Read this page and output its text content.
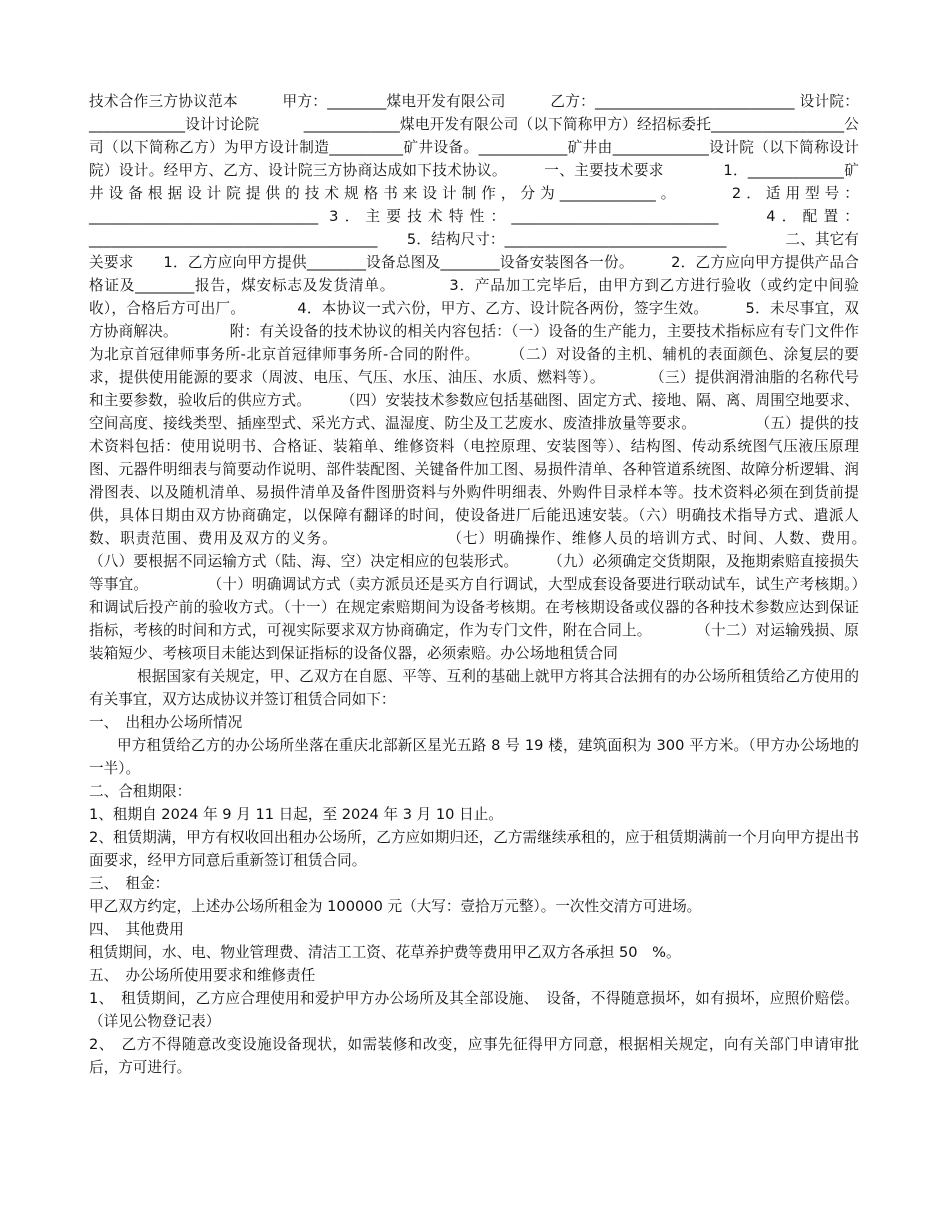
技术合作三方协议范本　　　甲方：________煤电开发有限公司　　　乙方：___________________________ 设计院：_____________设计讨论院　　　_____________煤电开发有限公司（以下简称甲方）经招标委托__________________公司（以下简称乙方）为甲方设计制造__________矿井设备。____________矿井由_____________设计院（以下简称设计院）设计。经甲方、乙方、设计院三方协商达成如下技术协议。　　　一、主要技术要求　　　　1．_____________矿井设备根据设计院提供的技术规格书来设计制作，分为_____________。　　　2．适用型号：_______________________________ 3．主要技术特性：____________________________　　4．配置：_______________________________________　　5．结构尺寸：______________________________　　　　二、其它有关要求　　1．乙方应向甲方提供________设备总图及________设备安装图各一份。　　　2．乙方应向甲方提供产品合格证及________报告，煤安标志及发货清单。　　　　3．产品加工完毕后，由甲方到乙方进行验收（或约定中间验收），合格后方可出厂。　　　　4．本协议一式六份，甲方、乙方、设计院各两份，签字生效。　　　5．未尽事宜，双方协商解决。　　　　附：有关设备的技术协议的相关内容包括：（一）设备的生产能力，主要技术指标应有专门文件作为北京首冠律师事务所-北京首冠律师事务所-合同的附件。　　　（二）对设备的主机、辅机的表面颜色、涂复层的要求，提供使用能源的要求（周波、电压、气压、水压、油压、水质、燃料等）。　　　　（三）提供润滑油脂的名称代号和主要参数，验收后的供应方式。　　　（四）安装技术参数应包括基础图、固定方式、接地、隔、离、周围空地要求、空间高度、接线类型、插座型式、采光方式、温湿度、防尘及工艺废水、废渣排放量等要求。　　　　　（五）提供的技术资料包括：使用说明书、合格证、装箱单、维修资料（电控原理、安装图等）、结构图、传动系统图气压液压原理图、元器件明细表与简要动作说明、部件装配图、关键备件加工图、易损件清单、各种管道系统图、故障分析逻辑、润滑图表、以及随机清单、易损件清单及备件图册资料与外购件明细表、外购件目录样本等。技术资料必须在到货前提供，具体日期由双方协商确定，以保障有翻译的时间，使设备进厂后能迅速安装。（六）明确技术指导方式、遣派人数、职责范围、费用及双方的义务。　　　　　　　　（七）明确操作、维修人员的培训方式、时间、人数、费用。　　　　　（八）要根据不同运输方式（陆、海、空）决定相应的包装形式。　　　（九）必须确定交货期限，及拖期索赔直接损失等事宜。　　　　　（十）明确调试方式（卖方派员还是买方自行调试，大型成套设备要进行联动试车，试生产考核期。）和调试后投产前的验收方式。（十一）在规定索赔期间为设备考核期。在考核期设备或仪器的各种技术参数应达到保证指标，考核的时间和方式，可视实际要求双方协商确定，作为专门文件，附在合同上。　　　　（十二）对运输残损、原装箱短少、考核项目未能达到保证指标的设备仪器，必须索赔。办公场地租赁合同

根据国家有关规定，甲、乙双方在自愿、平等、互利的基础上就甲方将其合法拥有的办公场所租赁给乙方使用的有关事宜，双方达成协议并签订租赁合同如下：

一、　出租办公场所情况

甲方租赁给乙方的办公场所坐落在重庆北部新区星光五路 8 号 19 楼，建筑面积为 300 平方米。（甲方办公场地的一半）。

二、合租期限：

1、租期自 2024 年 9 月 11 日起，至 2024 年 3 月 10 日止。

2、租赁期满，甲方有权收回出租办公场所，乙方应如期归还，乙方需继续承租的，应于租赁期满前一个月向甲方提出书面要求，经甲方同意后重新签订租赁合同。

三、　租金：

甲乙双方约定，上述办公场所租金为 100000 元（大写：壹拾万元整）。一次性交清方可进场。

四、　其他费用

租赁期间，水、电、物业管理费、清洁工工资、花草养护费等费用甲乙双方各承担 50　%。

五、　办公场所使用要求和维修责任

1、　租赁期间，乙方应合理使用和爱护甲方办公场所及其全部设施、　设备，不得随意损坏，如有损坏，应照价赔偿。（详见公物登记表）

2、　乙方不得随意改变设施设备现状，如需装修和改变，应事先征得甲方同意，根据相关规定，向有关部门申请审批后，方可进行。
